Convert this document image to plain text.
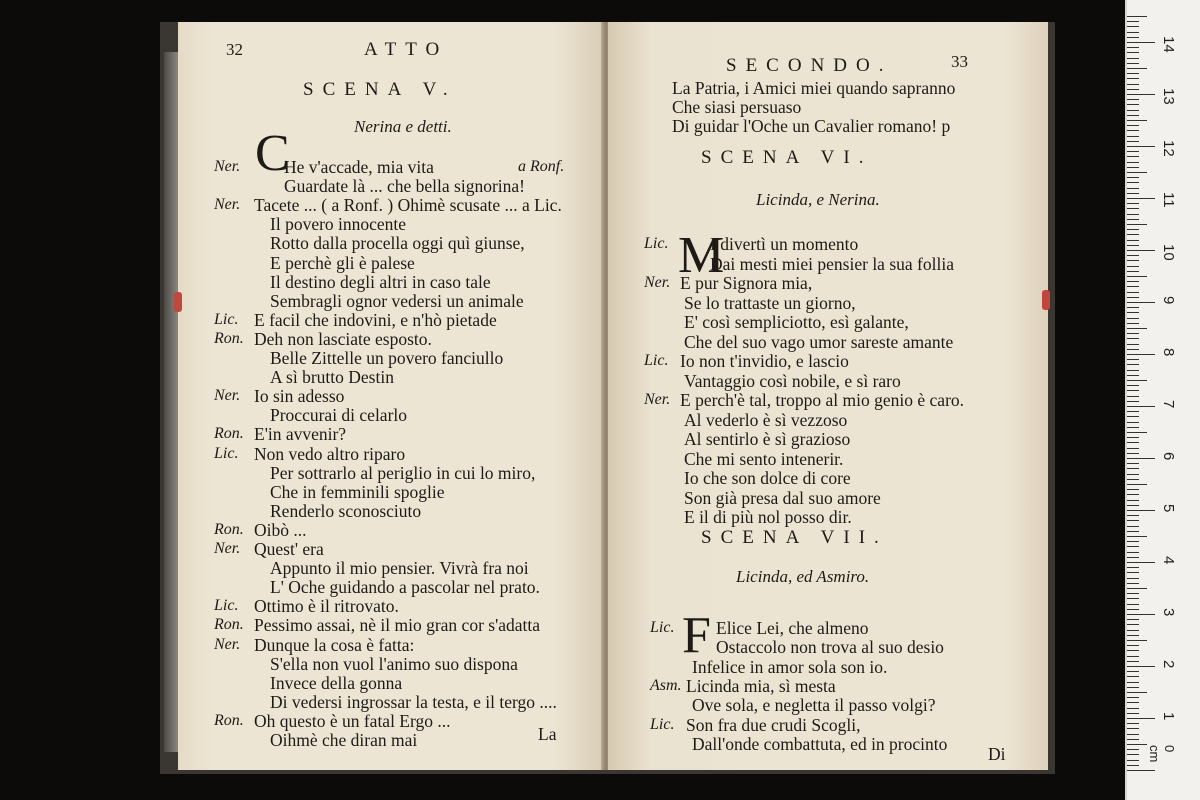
32	ATTO
SCENA V.
Nerina e detti.
C
La
Ner.	He v'accade, mia vita	a Ronf.
Guardate là ... che bella signorina!
Ner. Tacete ... ( a Ronf. ) Ohimè scusate ... a Lic.
Il povero innocente
Rotto dalla procella oggi quì giunse,
E perchè gli è palese
Il destino degli altri in caso tale
Sembragli ognor vedersi un animale
Lic. E facil che indovini, e n'hò pietade
Ron. Deh non lasciate esposto.
Belle Zittelle un povero fanciullo
A sì brutto Destin
Ner. Io sin adesso
Proccurai di celarlo
Ron. E'in avvenir?
Lic. Non vedo altro riparo
Per sottrarlo al periglio in cui lo miro,
Che in femminili spoglie
Renderlo sconosciuto
Ron. Oibò ...
Ner. Quest' era
Appunto il mio pensier. Vivrà fra noi
L' Oche guidando a pascolar nel prato.
Lic. Ottimo è il ritrovato.
Ron. Pessimo assai, nè il mio gran cor s'adatta
Ner. Dunque la cosa è fatta:
S'ella non vuol l'animo suo dispona
Invece della gonna
Di vedersi ingrossar la testa, e il tergo ....
Ron. Oh questo è un fatal Ergo ...
Oihmè che diran mai
SECONDO.	33
SCENA VI.
Licinda, e Nerina.
M
SCENA VII.
Licinda, ed Asmiro.
F
Di
La Patria, i Amici miei quando sapranno
Che siasi persuaso
Di guidar l'Oche un Cavalier romano! p
Lic. I divertì un momento
Dai mesti miei pensier la sua follia
Ner. E pur Signora mia,
Se lo trattaste un giorno,
E' così sempliciotto, esì galante,
Che del suo vago umor sareste amante
Lic. Io non t'invidio, e lascio
Vantaggio così nobile, e sì raro
Ner. E perch'è tal, troppo al mio genio è caro.
Al vederlo è sì vezzoso
Al sentirlo è sì grazioso
Che mi sento intenerir.
Io che son dolce di core
Son già presa dal suo amore
E il di più nol posso dir.
Lic. Elice Lei, che almeno
Ostaccolo non trova al suo desio
Infelice in amor sola son io.
Asm. Licinda mia, sì mesta
Ove sola, e negletta il passo volgi?
Lic. Son fra due crudi Scogli,
Dall'onde combattuta, ed in procinto
14
13
12
11
10
9
8
7
6
5
4
3
2
1
0 cm
